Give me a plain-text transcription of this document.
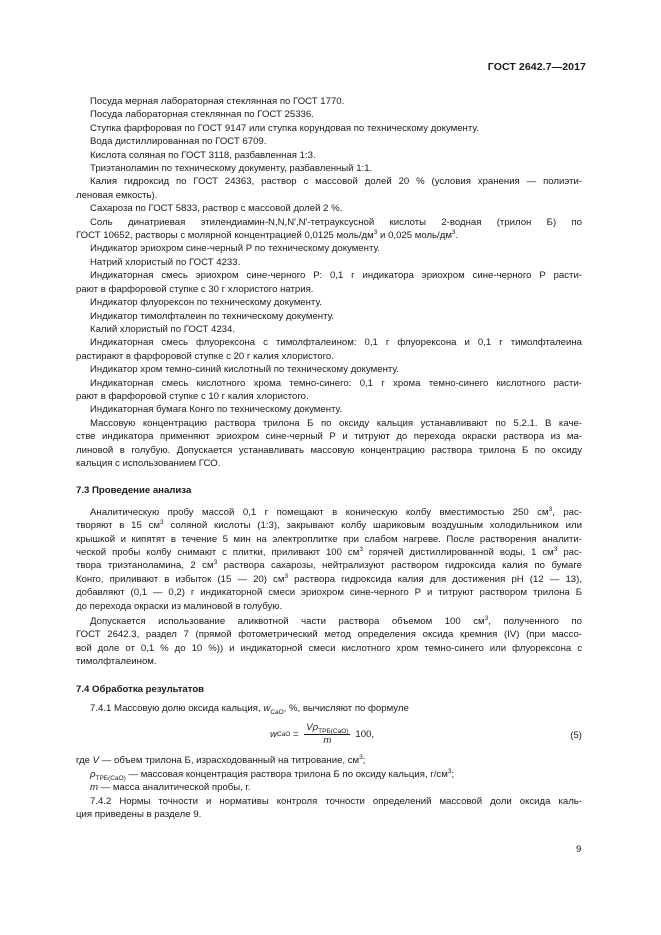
ГОСТ 2642.7—2017

Посуда мерная лабораторная стеклянная по ГОСТ 1770.

Посуда лабораторная стеклянная по ГОСТ 25336.

Ступка фарфоровая по ГОСТ 9147 или ступка корундовая по техническому документу.

Вода дистиллированная по ГОСТ 6709.

Кислота соляная по ГОСТ 3118, разбавленная 1:3.

Триэтаноламин по техническому документу, разбавленный 1:1.

Калия гидроксид по ГОСТ 24363, раствор с массовой долей 20 % (условия хранения — полиэти-

леновая емкость).

Сахароза по ГОСТ 5833, раствор с массовой долей 2 %.

Соль динатриевая этилендиамин-N,N,N',N'-тетрауксусной кислоты 2-водная (трилон Б) по

ГОСТ 10652, растворы с молярной концентрацией 0,0125 моль/$дм^3$ и 0,025 моль/$дм^3$.

Индикатор эриохром сине-черный Р по техническому документу.

Натрий хлористый по ГОСТ 4233.

Индикаторная смесь эриохром сине-черного Р: 0,1 г индикатора эриохром сине-черного Р расти-

рают в фарфоровой ступке с 30 г хлористого натрия.

Индикатор флуорексон по техническому документу.

Индикатор тимолфталеин по техническому документу.

Калий хлористый по ГОСТ 4234.

Индикаторная смесь флуорексона с тимолфталеином: 0,1 г флуорексона и 0,1 г тимолфталеина

растирают в фарфоровой ступке с 20 г калия хлористого.

Индикатор хром темно-синий кислотный по техническому документу.

Индикаторная смесь кислотного хрома темно-синего: 0,1 г хрома темно-синего кислотного расти-

рают в фарфоровой ступке с 10 г калия хлористого.

Индикаторная бумага Конго по техническому документу.

Массовую концентрацию раствора трилона Б по оксиду кальция устанавливают по 5.2.1. В каче-

стве индикатора применяют эриохром сине-черный Р и титруют до перехода окраски раствора из ма-

линовой в голубую. Допускается устанавливать массовую концентрацию раствора трилона Б по оксиду

кальция с использованием ГСО.

7.3 Проведение анализа

Аналитическую пробу массой 0,1 г помещают в коническую колбу вместимостью 250 $см^3$, рас-

творяют в 15 $см^3$ соляной кислоты (1:3), закрывают колбу шариковым воздушным холодильником или

крышкой и кипятят в течение 5 мин на электроплитке при слабом нагреве. После растворения аналити-

ческой пробы колбу снимают с плитки, приливают 100 $см^3$ горячей дистиллированной воды, 1 $см^3$ рас-

твора триэтаноламина, 2 $см^3$ раствора сахарозы, нейтрализуют раствором гидроксида калия по бумаге

Конго, приливают в избыток (15 — 20) $см^3$ раствора гидроксида калия для достижения рН (12 — 13),

добавляют (0,1 — 0,2) г индикаторной смеси эриохром сине-черного Р и титруют раствором трилона Б

до перехода окраски из малиновой в голубую.

Допускается использование аликвотной части раствора объемом 100 $см^3$, полученного по

ГОСТ 2642.3, раздел 7 (прямой фотометрический метод определения оксида кремния (IV) (при массо-

вой доле от 0,1 % до 10 %)) и индикаторной смеси кислотного хром темно-синего или флуорексона с

тимолфталеином.

7.4 Обработка результатов

7.4.1 Массовую долю оксида кальция, $w_{CaO}$, %, вычисляют по формуле

w CaO = $\frac{V\rho_{ТРБ(CaO)}}{m} 100$,	(5)

где V — объем трилона Б, израсходованный на титрование, $см^3$;

$\rho_{ТРБ(CaO)}$ — массовая концентрация раствора трилона Б по оксиду кальция, $г/см^3$;

m — масса аналитической пробы, г.

7.4.2 Нормы точности и нормативы контроля точности определений массовой доли оксида каль-

ция приведены в разделе 9.

9
